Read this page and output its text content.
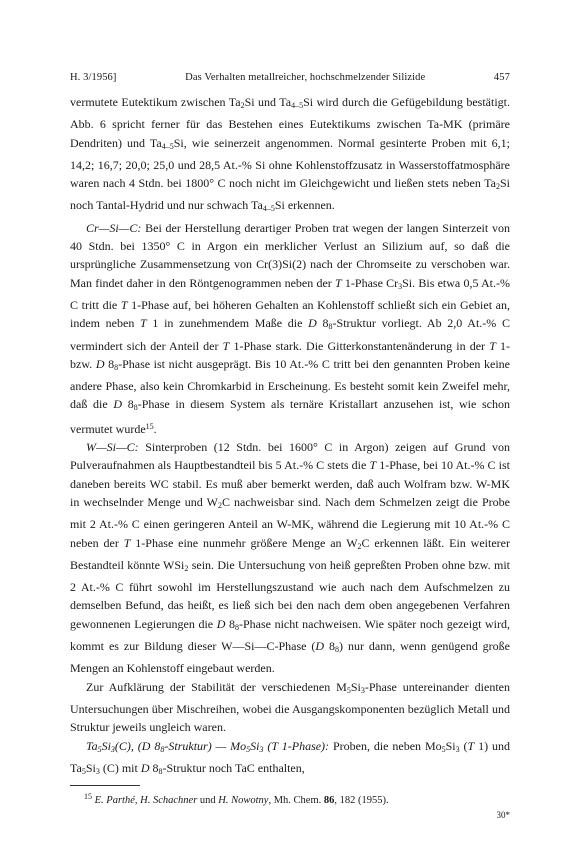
H. 3/1956]	Das Verhalten metallreicher, hochschmelzender Silizide	457

vermutete Eutektikum zwischen $Ta_2Si$ und $Ta_{4-5}Si$ wird durch die Gefügebildung bestätigt. Abb. 6 spricht ferner für das Bestehen eines Eutektikums zwischen Ta-MK (primäre Dendriten) und $Ta_{4-5}Si$, wie seinerzeit angenommen. Normal gesinterte Proben mit 6,1; 14,2; 16,7; 20,0; 25,0 und 28,5 At.-% Si ohne Kohlenstoffzusatz in Wasserstoffatmosphäre waren nach 4 Stdn. bei 1800° C noch nicht im Gleichgewicht und ließen stets neben $Ta_2Si$ noch Tantal-Hydrid und nur schwach $Ta_{4-5}Si$ erkennen.

Cr—Si—C: Bei der Herstellung derartiger Proben trat wegen der langen Sinterzeit von 40 Stdn. bei 1350° C in Argon ein merklicher Verlust an Silizium auf, so daß die ursprüngliche Zusammensetzung von Cr(3)Si(2) nach der Chromseite zu verschoben war. Man findet daher in den Röntgenogrammen neben der T 1-Phase $Cr_3Si$. Bis etwa 0,5 At.-% C tritt die T 1-Phase auf, bei höheren Gehalten an Kohlenstoff schließt sich ein Gebiet an, indem neben T 1 in zunehmendem Maße die D $8_8$-Struktur vorliegt. Ab 2,0 At.-% C vermindert sich der Anteil der T 1-Phase stark. Die Gitterkonstantenänderung in der T 1- bzw. D $8_8$-Phase ist nicht ausgeprägt. Bis 10 At.-% C tritt bei den genannten Proben keine andere Phase, also kein Chromkarbid in Erscheinung. Es besteht somit kein Zweifel mehr, daß die D $8_8$-Phase in diesem System als ternäre Kristallart anzusehen ist, wie schon vermutet wurde$^{15}$.

W—Si—C: Sinterproben (12 Stdn. bei 1600° C in Argon) zeigen auf Grund von Pulveraufnahmen als Hauptbestandteil bis 5 At.-% C stets die T 1-Phase, bei 10 At.-% C ist daneben bereits WC stabil. Es muß aber bemerkt werden, daß auch Wolfram bzw. W-MK in wechselnder Menge und $W_2C$ nachweisbar sind. Nach dem Schmelzen zeigt die Probe mit 2 At.-% C einen geringeren Anteil an W-MK, während die Legierung mit 10 At.-% C neben der T 1-Phase eine nunmehr größere Menge an $W_2C$ erkennen läßt. Ein weiterer Bestandteil könnte WSi$_2$ sein. Die Untersuchung von heiß gepreßten Proben ohne bzw. mit 2 At.-% C führt sowohl im Herstellungszustand wie auch nach dem Aufschmelzen zu demselben Befund, das heißt, es ließ sich bei den nach dem oben angegebenen Verfahren gewonnenen Legierungen die D $8_8$-Phase nicht nachweisen. Wie später noch gezeigt wird, kommt es zur Bildung dieser W—Si—C-Phase (D $8_8$) nur dann, wenn genügend große Mengen an Kohlenstoff eingebaut werden.

Zur Aufklärung der Stabilität der verschiedenen $M_5Si_3$-Phase untereinander dienten Untersuchungen über Mischreihen, wobei die Ausgangskomponenten bezüglich Metall und Struktur jeweils ungleich waren.

$Ta_5Si_3(C)$, (D $8_8-Struktur$) — $Mo_5Si_3$ (T 1-Phase): Proben, die neben $Mo_5Si_3$ (T 1) und $Ta_5Si_3$ (C) mit D $8_8$-Struktur noch TaC enthalten,

$^{15}$ E. Parthé, H. Schachner und H. Nowotny, Mh. Chem. 86, 182 (1955).
30*
